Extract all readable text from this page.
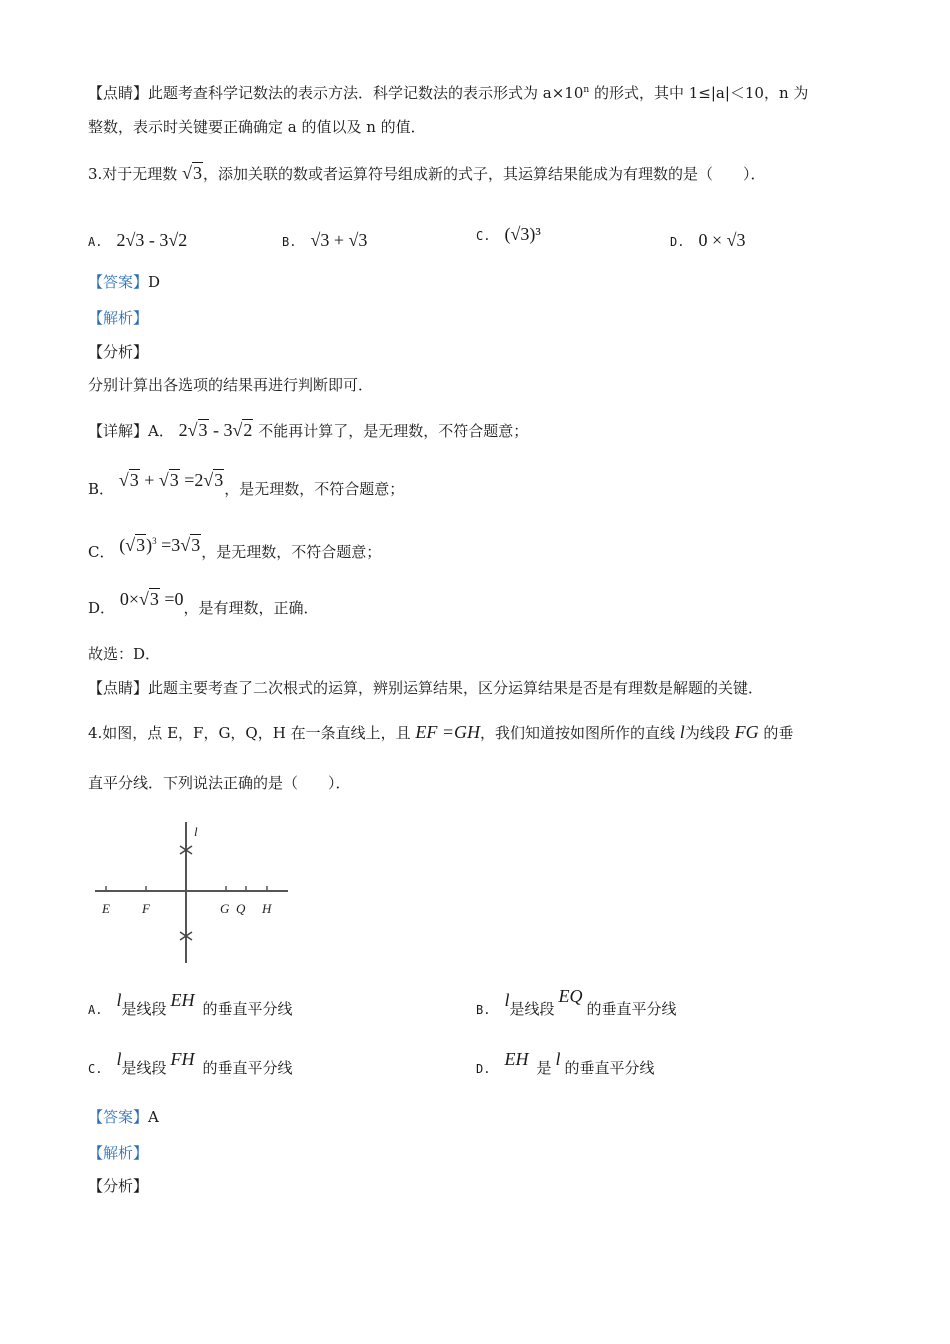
【点睛】此题考查科学记数法的表示方法．科学记数法的表示形式为 $a\times 10^n$ 的形式，其中 1≤|a|＜10，n 为
整数，表示时关键要正确确定 a 的值以及 n 的值．
3.对于无理数 √3，添加关联的数或者运算符号组成新的式子，其运算结果能成为有理数的是（　　）．
A. 2√3 - 3√2	B. √3 + √3	C. (√3)³	D. 0 × √3
【答案】D
【解析】
【分析】
分别计算出各选项的结果再进行判断即可．
【详解】A． 2√3 - 3√2 不能再计算了，是无理数，不符合题意；
B． √3 + √3 =2√3，是无理数，不符合题意；
C． $(√3)^3 =3√3$，是无理数，不符合题意；
D． 0×√3 =0，是有理数，正确．
故选：D．
【点睛】此题主要考查了二次根式的运算，辨别运算结果，区分运算结果是否是有理数是解题的关键．
4.如图，点 E，F，G，Q，H 在一条直线上，且 EF =GH，我们知道按如图所作的直线 l为线段 FG 的垂
直平分线．下列说法正确的是（　　）．
E F	G Q H
l
A. l是线段 EH 的垂直平分线	B. l是线段EQ的垂直平分线
C. l是线段 FH 的垂直平分线	D. EH 是 l 的垂直平分线
【答案】A
【解析】
【分析】
